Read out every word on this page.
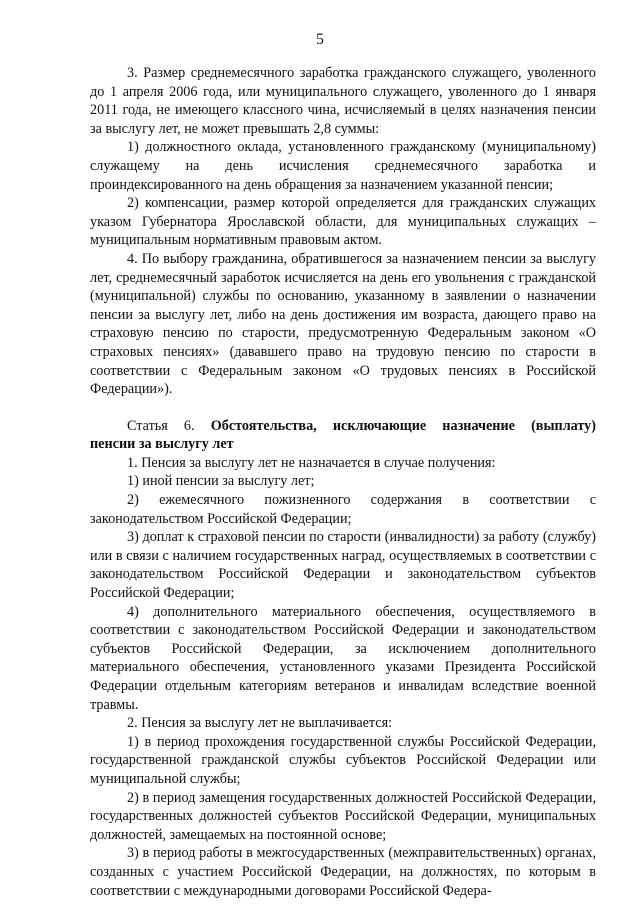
5

3. Размер среднемесячного заработка гражданского служащего, уволенного до 1 апреля 2006 года, или муниципального служащего, уволенного до 1 января 2011 года, не имеющего классного чина, исчисляемый в целях назначения пенсии за выслугу лет, не может превышать 2,8 суммы:

1) должностного оклада, установленного гражданскому (муниципальному) служащему на день исчисления среднемесячного заработка и проиндексированного на день обращения за назначением указанной пенсии;

2) компенсации, размер которой определяется для гражданских служащих указом Губернатора Ярославской области, для муниципальных служащих – муниципальным нормативным правовым актом.

4. По выбору гражданина, обратившегося за назначением пенсии за выслугу лет, среднемесячный заработок исчисляется на день его увольнения с гражданской (муниципальной) службы по основанию, указанному в заявлении о назначении пенсии за выслугу лет, либо на день достижения им возраста, дающего право на страховую пенсию по старости, предусмотренную Федеральным законом «О страховых пенсиях» (дававшего право на трудовую пенсию по старости в соответствии с Федеральным законом «О трудовых пенсиях в Российской Федерации»).

Статья 6. Обстоятельства, исключающие назначение (выплату)

пенсии за выслугу лет

1. Пенсия за выслугу лет не назначается в случае получения:

1) иной пенсии за выслугу лет;

2) ежемесячного пожизненного содержания в соответствии с законодательством Российской Федерации;

3) доплат к страховой пенсии по старости (инвалидности) за работу (службу) или в связи с наличием государственных наград, осуществляемых в соответствии с законодательством Российской Федерации и законодательством субъектов Российской Федерации;

4) дополнительного материального обеспечения, осуществляемого в соответствии с законодательством Российской Федерации и законодательством субъектов Российской Федерации, за исключением дополнительного материального обеспечения, установленного указами Президента Российской Федерации отдельным категориям ветеранов и инвалидам вследствие военной травмы.

2. Пенсия за выслугу лет не выплачивается:

1) в период прохождения государственной службы Российской Федерации, государственной гражданской службы субъектов Российской Федерации или муниципальной службы;

2) в период замещения государственных должностей Российской Федерации, государственных должностей субъектов Российской Федерации, муниципальных должностей, замещаемых на постоянной основе;

3) в период работы в межгосударственных (межправительственных) органах, созданных с участием Российской Федерации, на должностях, по которым в соответствии с международными договорами Российской Федера-
